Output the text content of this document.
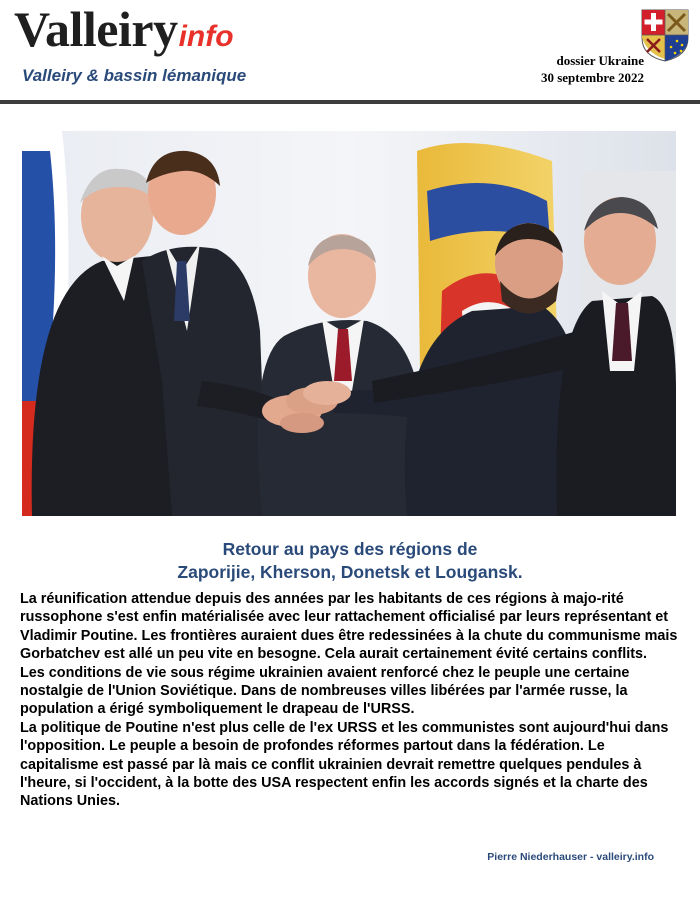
Valleiryinfo
Valleiry & bassin lémanique
dossier Ukraine
30 septembre 2022
Retour au pays des régions de
Zaporijie, Kherson, Donetsk et Lougansk.

La réunification attendue depuis des années par les habitants de ces régions à majo-rité russophone s'est enfin matérialisée avec leur rattachement officialisé par leurs représentant et Vladimir Poutine. Les frontières auraient dues être redessinées à la chute du communisme mais Gorbatchev est allé un peu vite en besogne. Cela aurait certainement évité certains conflits.

Les conditions de vie sous régime ukrainien avaient renforcé chez le peuple une certaine nostalgie de l'Union Soviétique. Dans de nombreuses villes libérées par l'armée russe, la population a érigé symboliquement le drapeau de l'URSS.

La politique de Poutine n'est plus celle de l'ex URSS et les communistes sont aujourd'hui dans l'opposition. Le peuple a besoin de profondes réformes partout dans la fédération. Le capitalisme est passé par là mais ce conflit ukrainien devrait remettre quelques pendules à l'heure, si l'occident, à la botte des USA respectent enfin les accords signés et la charte des Nations Unies.

Pierre Niederhauser - valleiry.info
